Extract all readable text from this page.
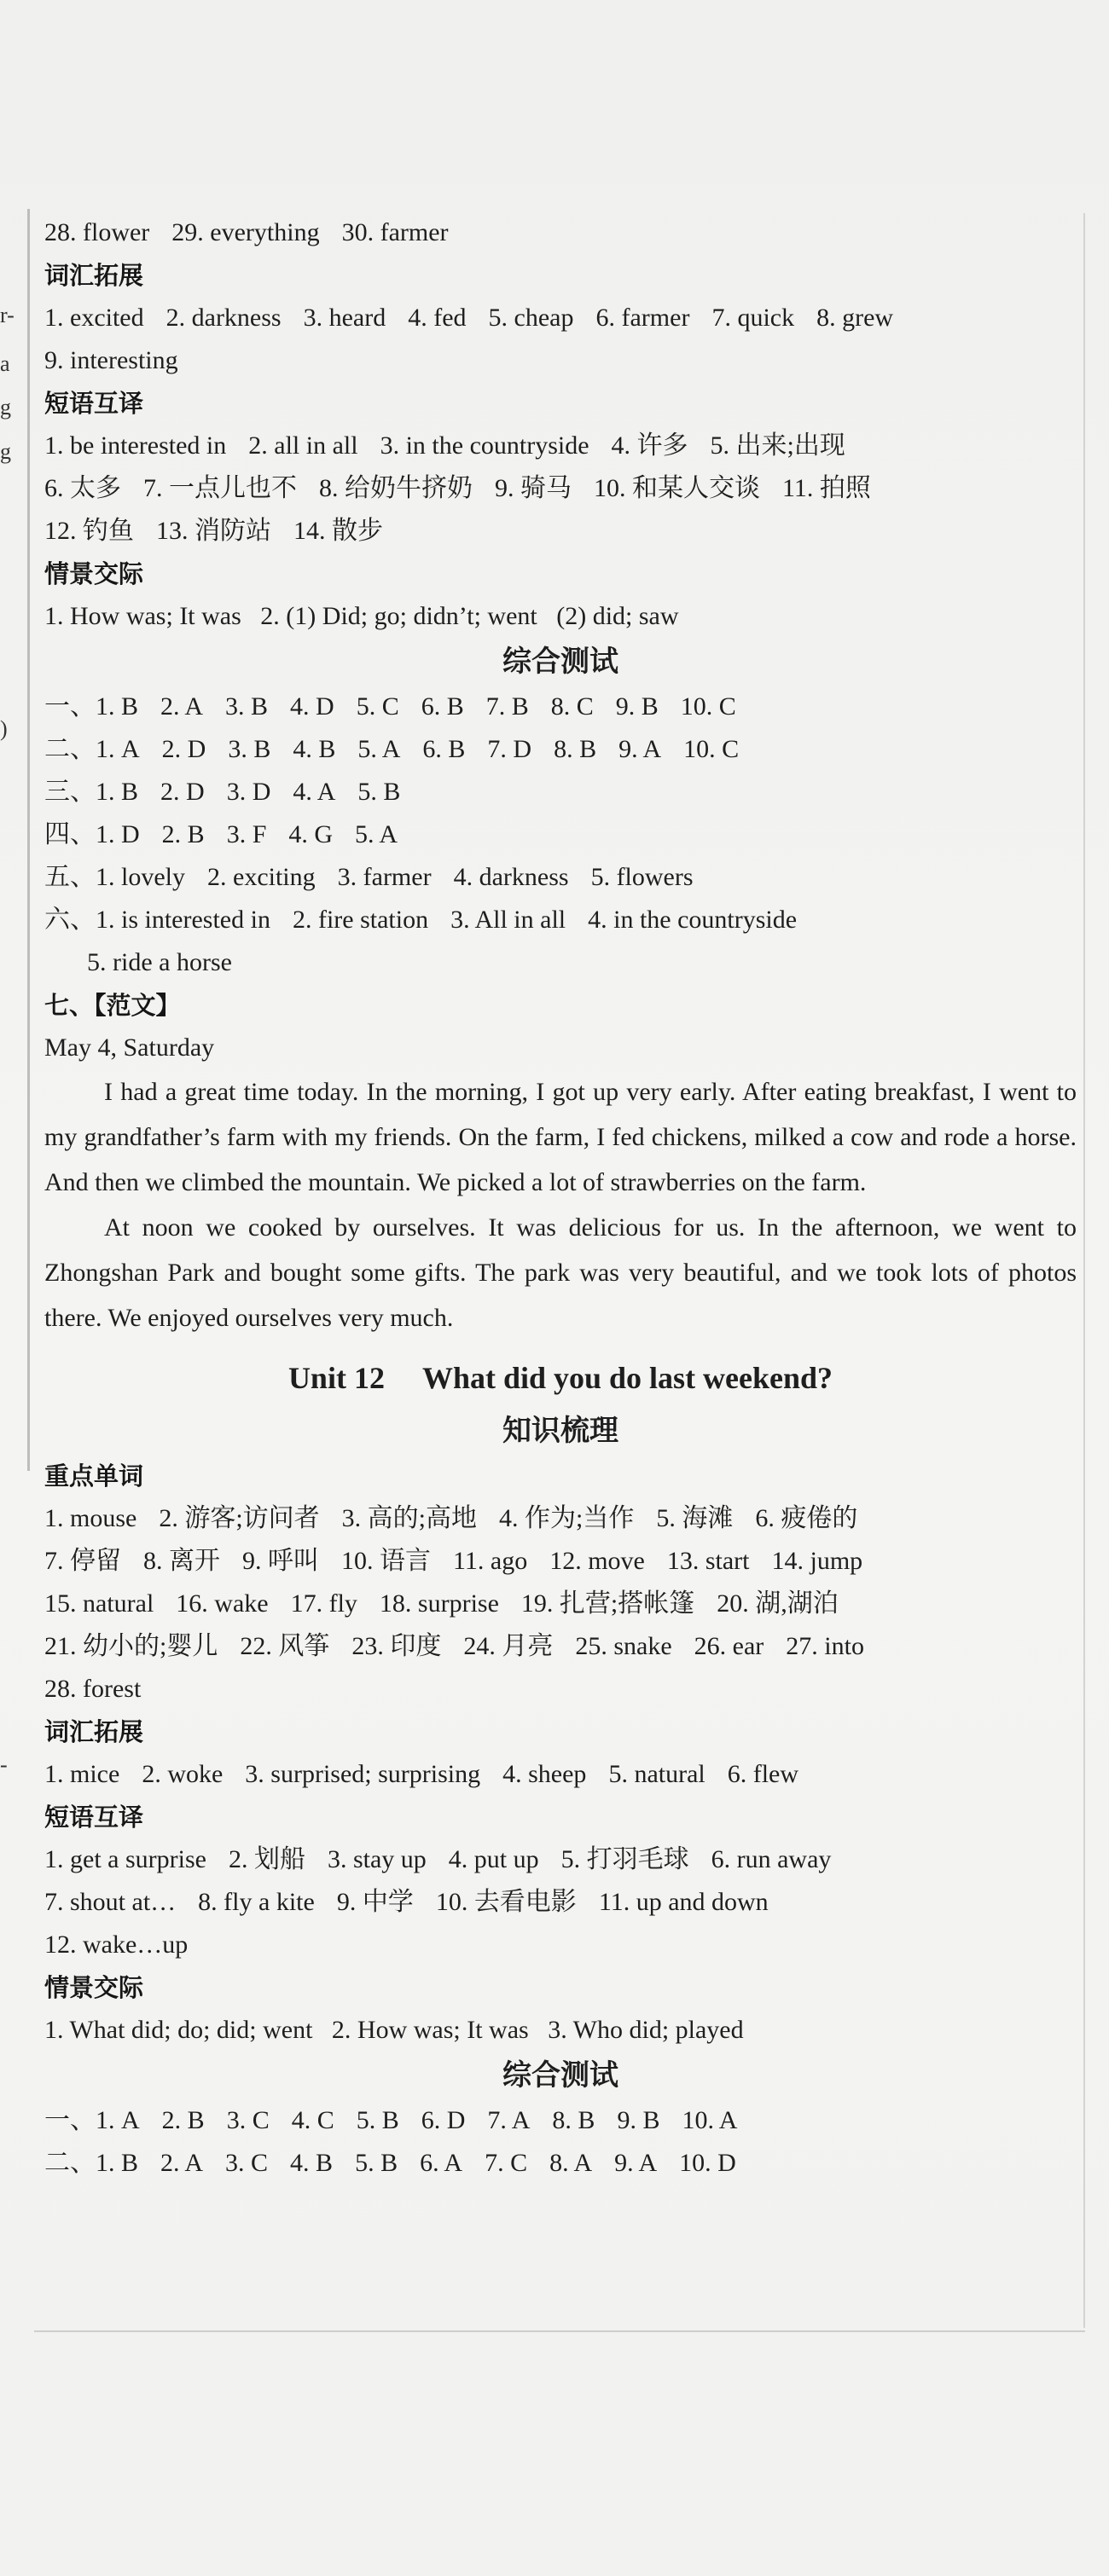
r-
a
g
g
)
-
28. flower 29. everything 30. farmer
词汇拓展
1. excited 2. darkness 3. heard 4. fed 5. cheap 6. farmer 7. quick 8. grew
9. interesting
短语互译
1. be interested in 2. all in all 3. in the countryside 4. 许多 5. 出来;出现
6. 太多 7. 一点儿也不 8. 给奶牛挤奶 9. 骑马 10. 和某人交谈 11. 拍照
12. 钓鱼 13. 消防站 14. 散步
情景交际
1. How was; It was   2. (1) Did; go; didn’t; went   (2) did; saw
综合测试
一、1. B 2. A 3. B 4. D 5. C 6. B 7. B 8. C 9. B 10. C
二、1. A 2. D 3. B 4. B 5. A 6. B 7. D 8. B 9. A 10. C
三、1. B 2. D 3. D 4. A 5. B
四、1. D 2. B 3. F 4. G 5. A
五、1. lovely 2. exciting 3. farmer 4. darkness 5. flowers
六、1. is interested in 2. fire station 3. All in all 4. in the countryside
5. ride a horse
七、【范文】
May 4, Saturday
I had a great time today. In the morning, I got up very early. After eating breakfast, I went to my grandfather’s farm with my friends. On the farm, I fed chickens, milked a cow and rode a horse. And then we climbed the mountain. We picked a lot of strawberries on the farm.
At noon we cooked by ourselves. It was delicious for us. In the afternoon, we went to Zhongshan Park and bought some gifts. The park was very beautiful, and we took lots of photos there. We enjoyed ourselves very much.
Unit 12 What did you do last weekend?
知识梳理
重点单词
1. mouse 2. 游客;访问者 3. 高的;高地 4. 作为;当作 5. 海滩 6. 疲倦的
7. 停留 8. 离开 9. 呼叫 10. 语言 11. ago 12. move 13. start 14. jump
15. natural 16. wake 17. fly 18. surprise 19. 扎营;搭帐篷 20. 湖,湖泊
21. 幼小的;婴儿 22. 风筝 23. 印度 24. 月亮 25. snake 26. ear 27. into
28. forest
词汇拓展
1. mice 2. woke 3. surprised; surprising 4. sheep 5. natural 6. flew
短语互译
1. get a surprise 2. 划船 3. stay up 4. put up 5. 打羽毛球 6. run away
7. shout at… 8. fly a kite 9. 中学 10. 去看电影 11. up and down
12. wake…up
情景交际
1. What did; do; did; went   2. How was; It was   3. Who did; played
综合测试
一、1. A 2. B 3. C 4. C 5. B 6. D 7. A 8. B 9. B 10. A
二、1. B 2. A 3. C 4. B 5. B 6. A 7. C 8. A 9. A 10. D
